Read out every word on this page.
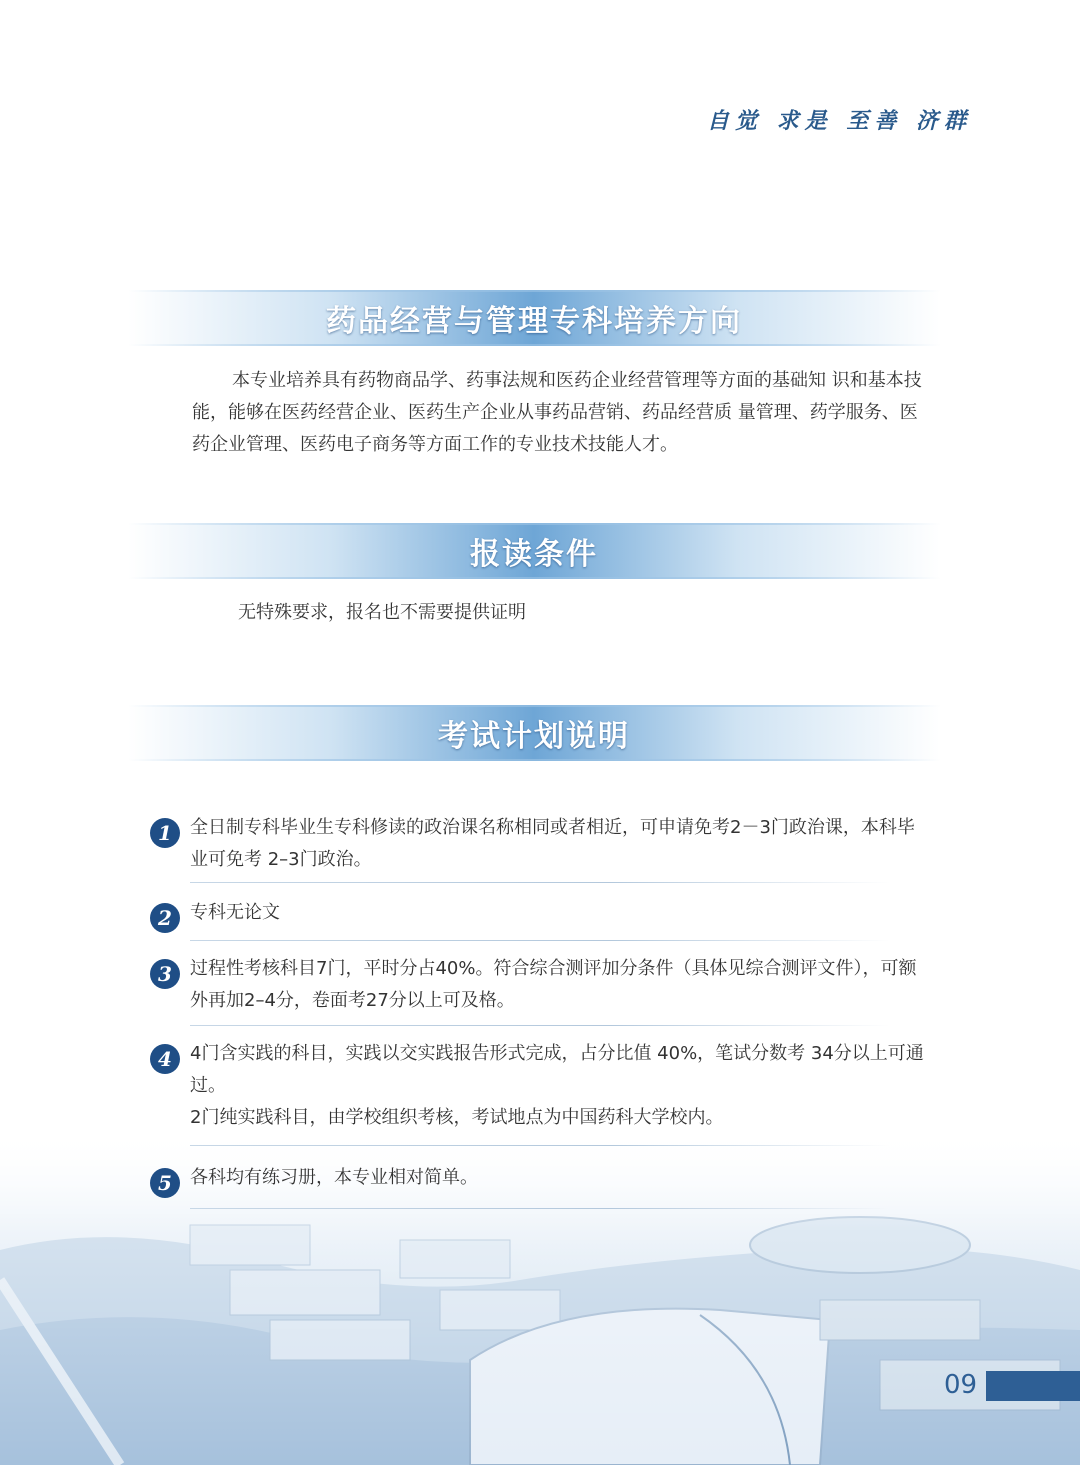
自觉 求是 至善 济群
药品经营与管理专科培养方向

本专业培养具有药物商品学、药事法规和医药企业经营管理等方面的基础知 识和基本技能，能够在医药经营企业、医药生产企业从事药品营销、药品经营质 量管理、药学服务、医药企业管理、医药电子商务等方面工作的专业技术技能人才。

报读条件
无特殊要求，报名也不需要提供证明
考试计划说明
1	全日制专科毕业生专科修读的政治课名称相同或者相近，可申请免考2－3门政治课，本科毕业可免考 2–3门政治。

2	专科无论文

3	过程性考核科目7门，平时分占40%。符合综合测评加分条件（具体见综合测评文件），可额外再加2–4分，卷面考27分以上可及格。

4	4门含实践的科目，实践以交实践报告形式完成，占分比值 40%，笔试分数考 34分以上可通过。

2门纯实践科目，由学校组织考核，考试地点为中国药科大学校内。

5	各科均有练习册，本专业相对简单。

09
